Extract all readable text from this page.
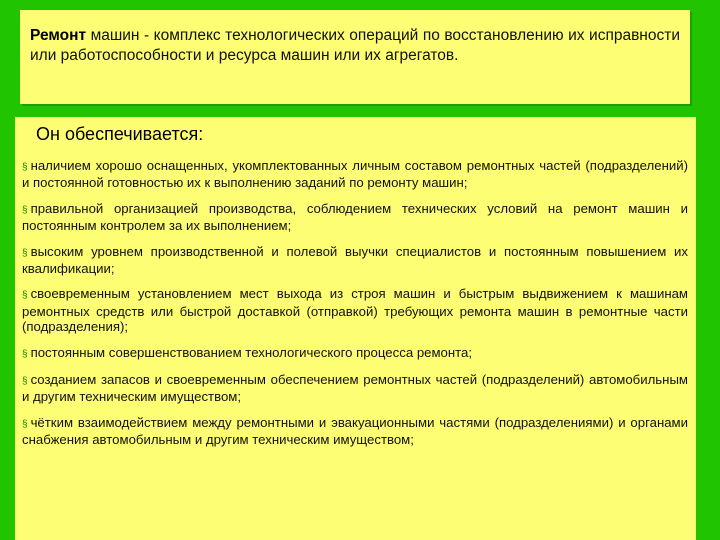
Ремонт машин - комплекс технологических операций по восстановлению их исправности или работоспособности и ресурса машин или их агрегатов.

Он обеспечивается:

§ наличием хорошо оснащенных, укомплектованных личным составом ремонтных частей (подразделений) и постоянной готовностью их к выполнению заданий по ремонту машин;

§ правильной организацией производства, соблюдением технических условий на ремонт машин и постоянным контролем за их выполнением;

§ высоким уровнем производственной и полевой выучки специалистов и постоянным повышением их квалификации;

§ своевременным установлением мест выхода из строя машин и быстрым выдвижением к машинам ремонтных средств или быстрой доставкой (отправкой) требующих ремонта машин в ремонтные части (подразделения);

§ постоянным совершенствованием технологического процесса ремонта;

§ созданием запасов и своевременным обеспечением ремонтных частей (подразделений) автомобильным и другим техническим имуществом;

§ чётким взаимодействием между ремонтными и эвакуационными частями (подразделениями) и органами снабжения автомобильным и другим техническим имуществом;
